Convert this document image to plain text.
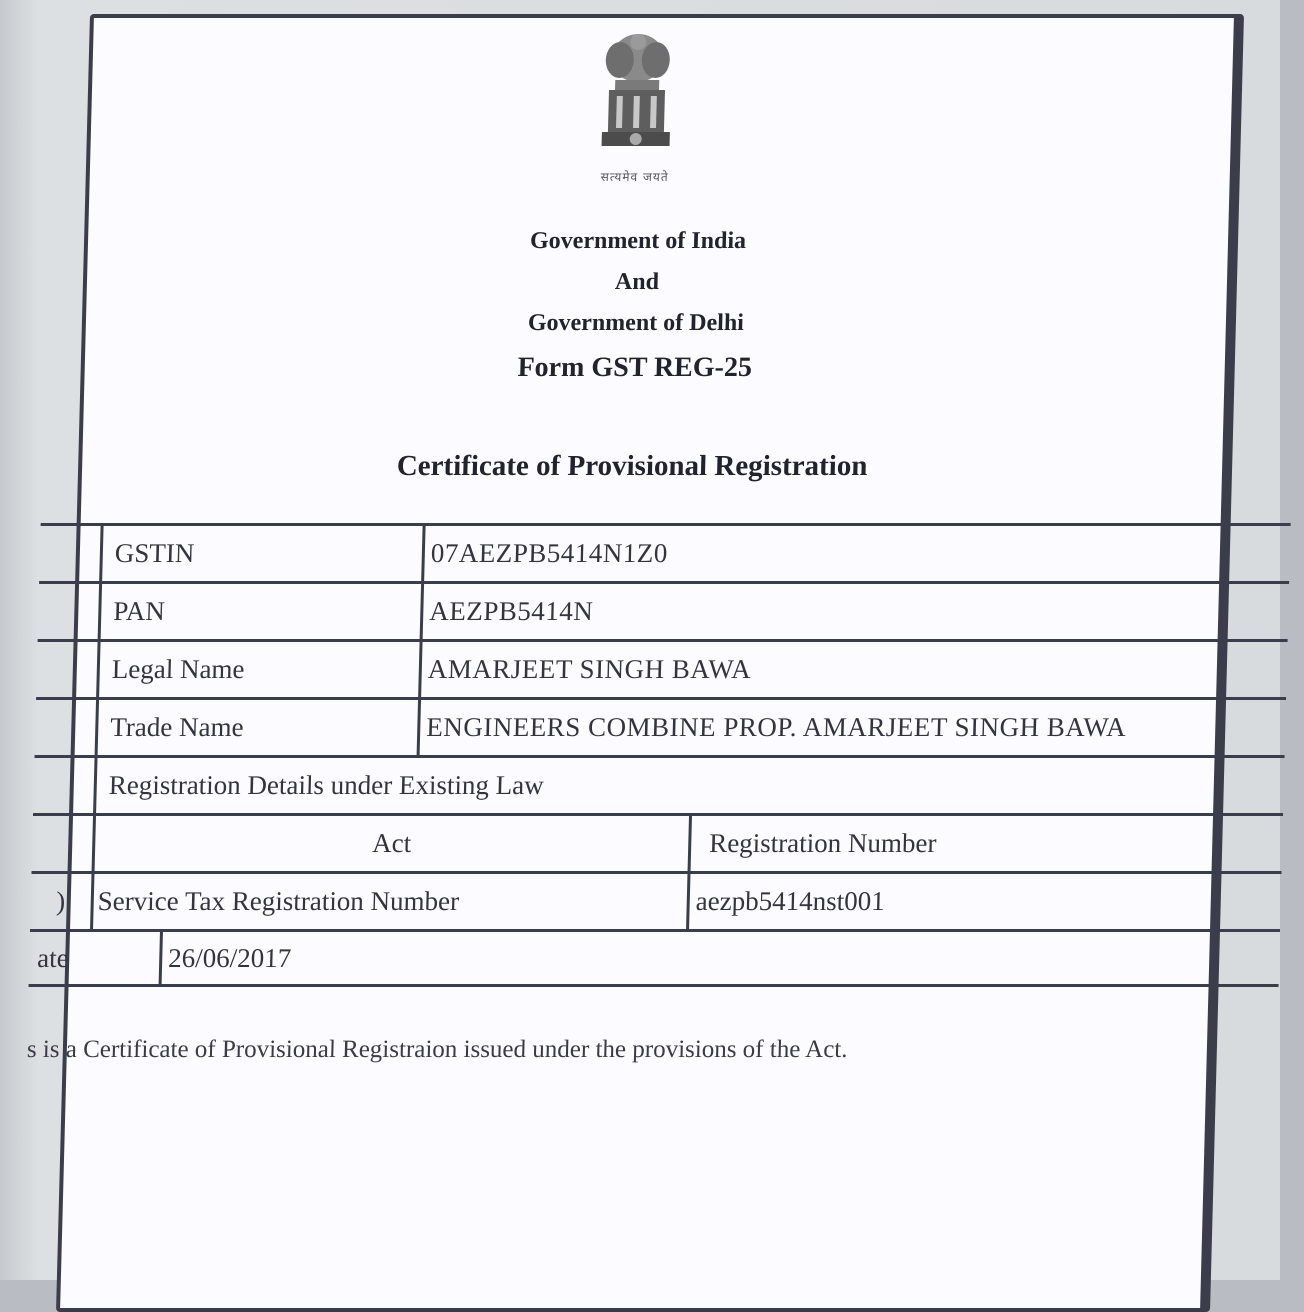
सत्यमेव जयते
Government of India
And
Government of Delhi
Form GST REG-25
Certificate of Provisional Registration
GSTIN	07AEZPB5414N1Z0
PAN	AEZPB5414N
Legal Name	AMARJEET SINGH BAWA
Trade Name	ENGINEERS COMBINE PROP. AMARJEET SINGH BAWA
Registration Details under Existing Law
Act	Registration Number
)	Service Tax Registration Number	aezpb5414nst001
ate	26/06/2017
s is a Certificate of Provisional Registraion issued under the provisions of the Act.
